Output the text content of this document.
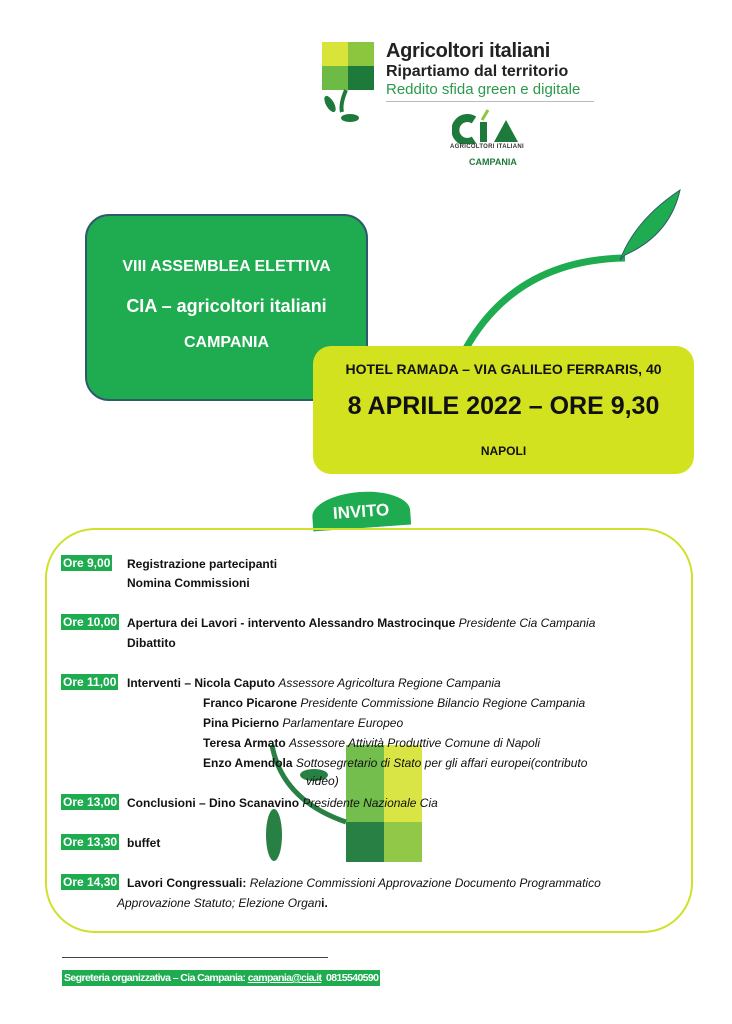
Agricoltori italiani
Ripartiamo dal territorio
Reddito sfida green e digitale
AGRICOLTORI ITALIANI
CAMPANIA
VIII ASSEMBLEA ELETTIVA
CIA – agricoltori italiani
CAMPANIA
HOTEL RAMADA – VIA GALILEO FERRARIS, 40
8 APRILE 2022 – ORE 9,30
NAPOLI
INVITO
Ore 9,00 Registrazione partecipanti
Nomina Commissioni
Ore 10,00 Apertura dei Lavori - intervento Alessandro Mastrocinque Presidente Cia Campania
Dibattito
Ore 11,00 Interventi – Nicola Caputo Assessore Agricoltura Regione Campania
Franco Picarone Presidente Commissione Bilancio Regione Campania
Pina Picierno Parlamentare Europeo
Teresa Armato Assessore Attività Produttive Comune di Napoli
Enzo Amendola Sottosegretario di Stato per gli affari europei(contributo
video)
Ore 13,00 Conclusioni – Dino Scanavino Presidente Nazionale Cia
Ore 13,30 buffet
Ore 14,30 Lavori Congressuali: Relazione Commissioni Approvazione Documento Programmatico
Approvazione Statuto; Elezione Organi.
Segreteria organizzativa – Cia Campania: campania@cia.it 0815540590
